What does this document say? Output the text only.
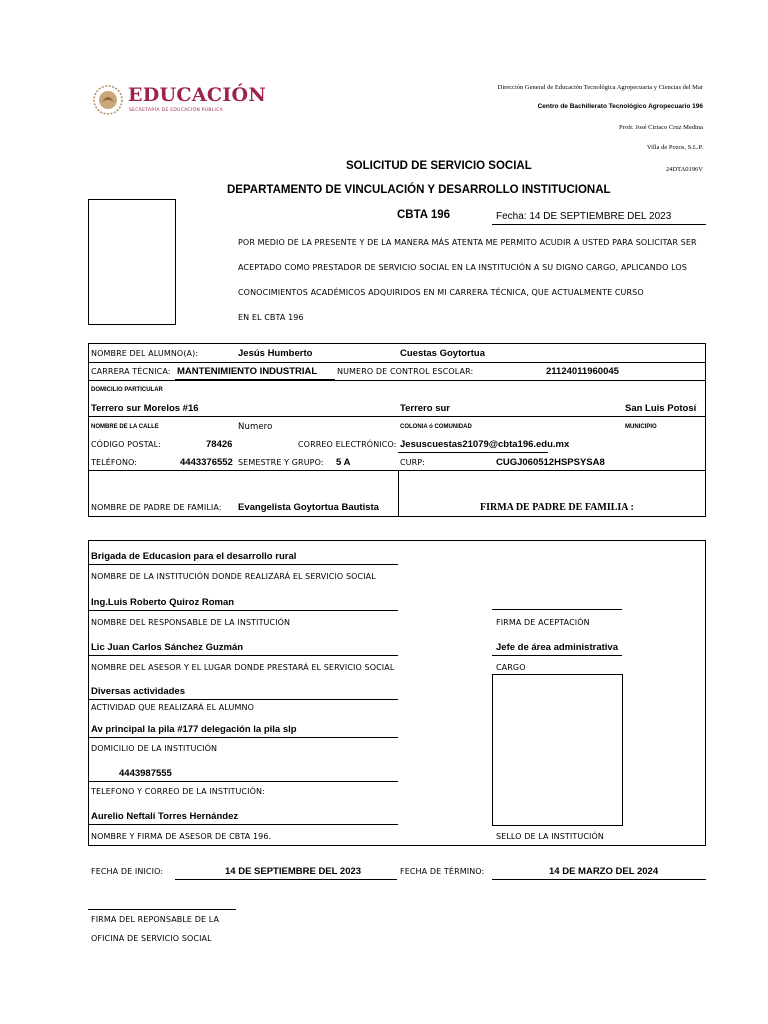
EDUCACIÓN
SECRETARÍA DE EDUCACIÓN PÚBLICA
Dirección General de Educación Tecnológica Agropecuaria y Ciencias del Mar
Centro de Bachillerato Tecnológico Agropecuario 196
Profr. José Ciriaco Cruz Medina
Villa de Pozos, S.L.P.
24DTA0196V
SOLICITUD DE SERVICIO SOCIAL
DEPARTAMENTO DE VINCULACIÓN Y DESARROLLO INSTITUCIONAL
CBTA 196	Fecha: 14 DE SEPTIEMBRE DEL 2023
POR MEDIO DE LA PRESENTE Y DE LA MANERA MÁS ATENTA ME PERMITO ACUDIR A USTED PARA SOLICITAR SER
ACEPTADO COMO PRESTADOR DE SERVICIO SOCIAL EN LA INSTITUCIÓN A SU DIGNO CARGO, APLICANDO LOS
CONOCIMIENTOS ACADÉMICOS ADQUIRIDOS EN MI CARRERA TÉCNICA, QUE ACTUALMENTE CURSO
EN EL CBTA 196
NOMBRE DEL ALUMNO(A):	Jesús Humberto	Cuestas Goytortua
CARRERA TÉCNICA: MANTENIMIENTO INDUSTRIAL NUMERO DE CONTROL ESCOLAR:	21124011960045
DOMICILIO PARTICULAR
Terrero sur Morelos #16	Terrero sur	San Luis Potosí
NOMBRE DE LA CALLE	Numero	COLONIA ó COMUNIDAD	MUNICIPIO
CÓDIGO POSTAL:	78426	CORREO ELECTRÓNICO: Jesuscuestas21079@cbta196.edu.mx
TELÉFONO:	4443376552 SEMESTRE Y GRUPO: 5 A	CURP:	CUGJ060512HSPSYSA8
NOMBRE DE PADRE DE FAMILIA: Evangelista Goytortua Bautista	FIRMA DE PADRE DE FAMILIA :
Brigada de Educasion para el desarrollo rural
NOMBRE DE LA INSTITUCIÓN DONDE REALIZARÁ EL SERVICIO SOCIAL
Ing.Luis Roberto Quiroz Roman
NOMBRE DEL RESPONSABLE DE LA INSTITUCIÓN	FIRMA DE ACEPTACIÓN
Lic Juan Carlos Sánchez Guzmán	Jefe de área administrativa
NOMBRE DEL ASESOR Y EL LUGAR DONDE PRESTARÁ EL SERVICIO SOCIAL	CARGO
Diversas actividades
ACTIVIDAD QUE REALIZARÁ EL ALUMNO
Av principal la pila #177 delegación la pila slp
DOMICILIO DE LA INSTITUCIÓN
4443987555
TELEFONO Y CORREO DE LA INSTITUCIÓN:
Aurelio Neftalí Torres Hernández
NOMBRE Y FIRMA DE ASESOR DE CBTA 196.	SELLO DE LA INSTITUCIÓN
FECHA DE INICIO:	14 DE SEPTIEMBRE DEL 2023	FECHA DE TÉRMINO:	14 DE MARZO DEL 2024
FIRMA DEL REPONSABLE DE LA
OFICINA DE SERVICIO SOCIAL
